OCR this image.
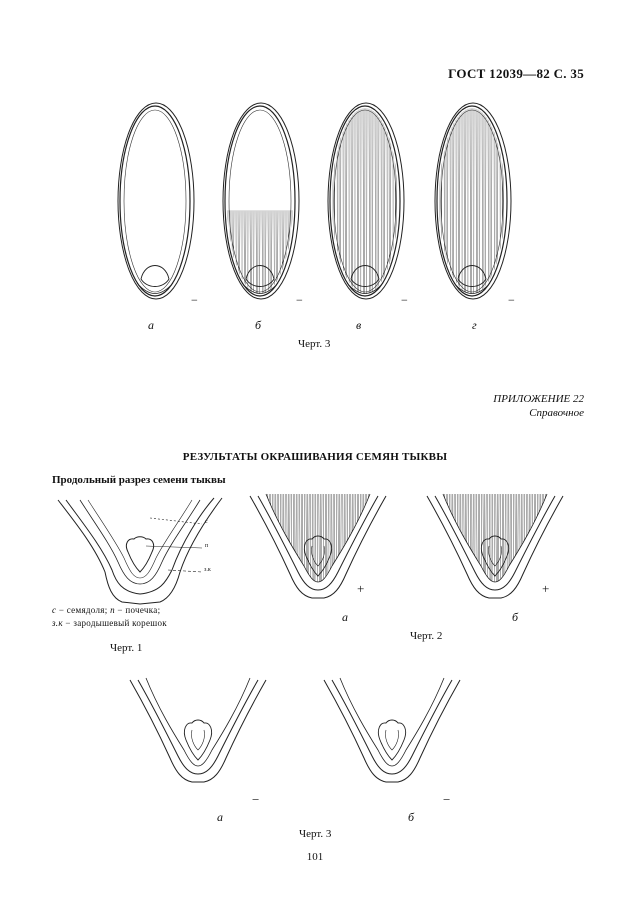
ГОСТ 12039—82 С. 35
−	−	−	−
а	б	в	г
Черт. 3
ПРИЛОЖЕНИЕ 22
Справочное
РЕЗУЛЬТАТЫ ОКРАШИВАНИЯ СЕМЯН ТЫКВЫ
Продольный разрез семени тыквы
с
п
з.к
с − семядоля; п − почечка;
з.к − зародышевый корешок
Черт. 1
+	+
а	б
Черт. 2
−	−
а	б
Черт. 3
101
